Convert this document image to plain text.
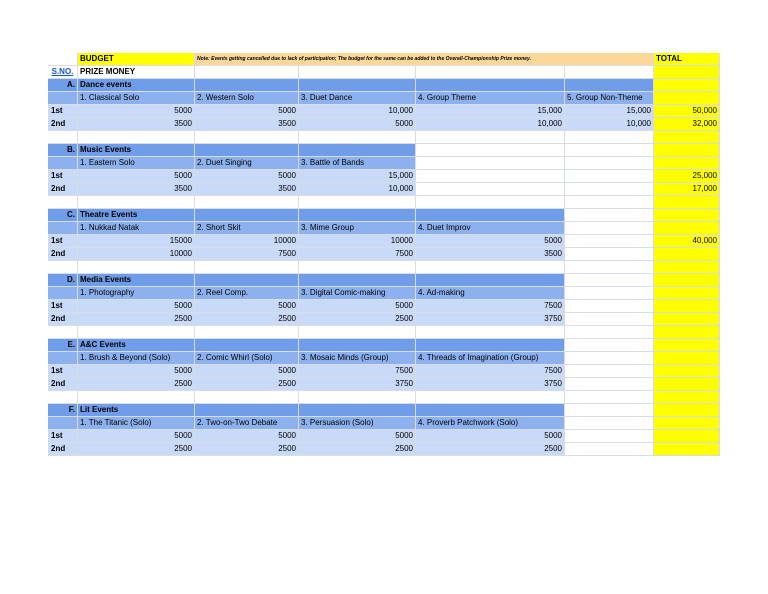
BUDGET	Note: Events getting cancelled due to lack of participation; The budget for the same can be added to the Overall-Championship Prize money.	TOTAL
S.NO. PRIZE MONEY
A. Dance events
1. Classical Solo	2. Western Solo	3. Duet Dance	4. Group Theme	5. Group Non-Theme
1st	5000	5000	10,000	15,000	15,000	50,000
2nd	3500	3500	5000	10,000	10,000	32,000
B. Music Events
1. Eastern Solo	2. Duet Singing	3. Battle of Bands
1st	5000	5000	15,000	25,000
2nd	3500	3500	10,000	17,000
C. Theatre Events
1. Nukkad Natak	2. Short Skit	3. Mime Group	4. Duet Improv
1st	15000	10000	10000	5000	40,000
2nd	10000	7500	7500	3500
D. Media Events
1. Photography	2. Reel Comp.	3. Digital Comic-making	4. Ad-making
1st	5000	5000	5000	7500
2nd	2500	2500	2500	3750
E. A&C Events
1. Brush & Beyond (Solo)	2. Comic Whirl (Solo)	3. Mosaic Minds (Group)	4. Threads of Imagination (Group)
1st	5000	5000	7500	7500
2nd	2500	2500	3750	3750
F. Lit Events
1. The Titanic (Solo)	2. Two-on-Two Debate	3. Persuasion (Solo)	4. Proverb Patchwork (Solo)
1st	5000	5000	5000	5000
2nd	2500	2500	2500	2500
